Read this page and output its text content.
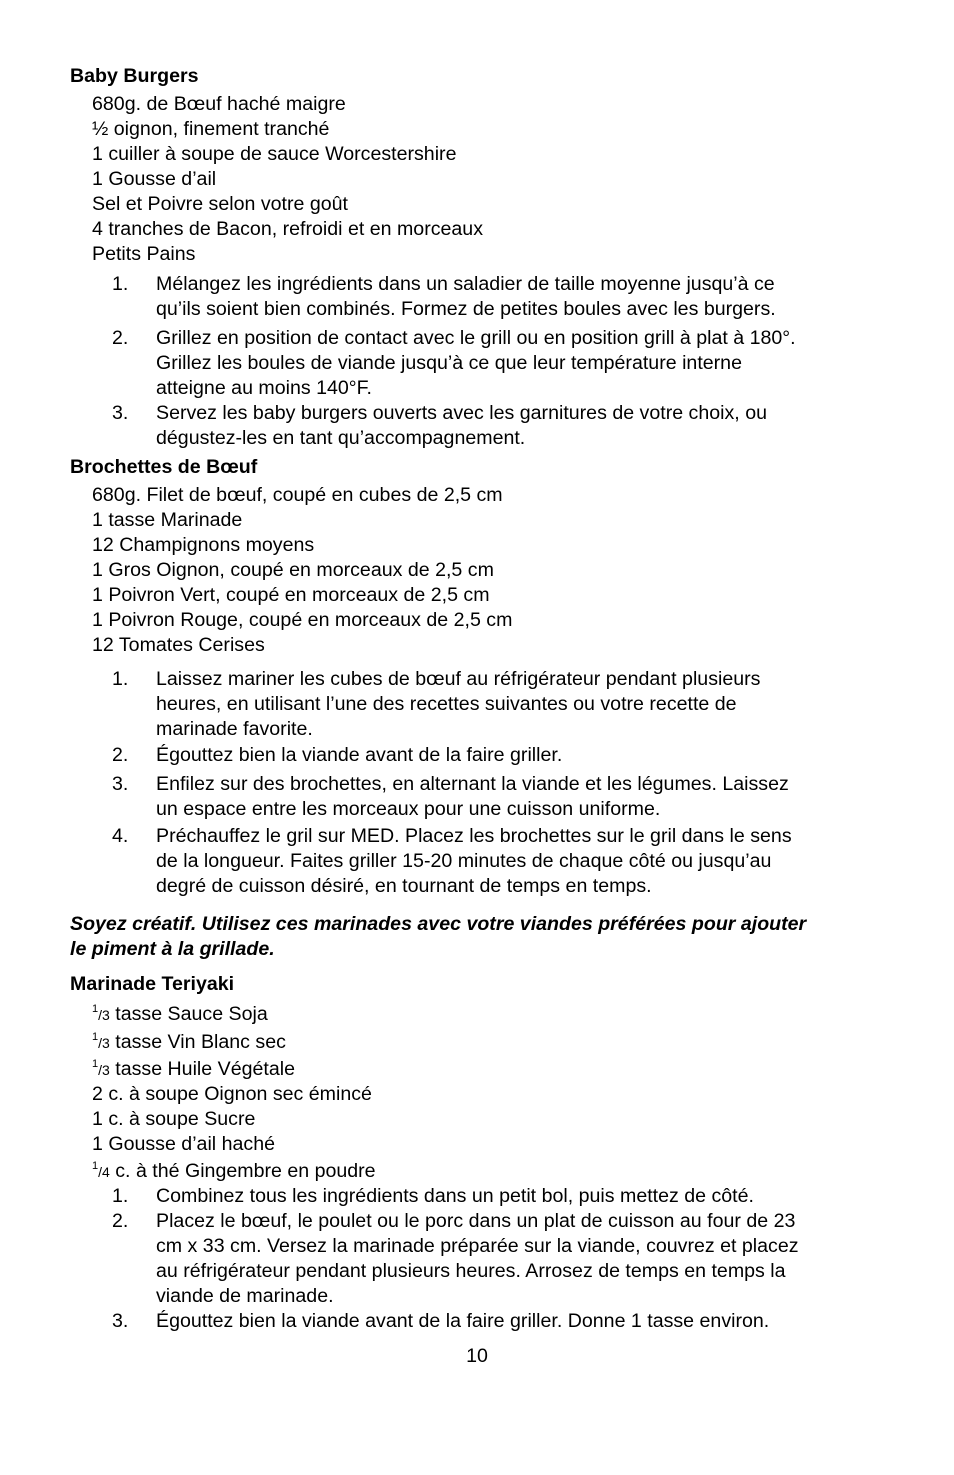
Baby Burgers
680g. de Bœuf haché maigre
½ oignon, finement tranché
1 cuiller à soupe de sauce Worcestershire
1 Gousse d’ail
Sel et Poivre selon votre goût
4 tranches de Bacon, refroidi et en morceaux
Petits Pains
1.	Mélangez les ingrédients dans un saladier de taille moyenne jusqu’à ce
qu’ils soient bien combinés. Formez de petites boules avec les burgers.
2.	Grillez en position de contact avec le grill ou en position grill à plat à 180°.
Grillez les boules de viande jusqu’à ce que leur température interne
atteigne au moins 140°F.
3.	Servez les baby burgers ouverts avec les garnitures de votre choix, ou
dégustez-les en tant qu’accompagnement.
Brochettes de Bœuf
680g. Filet de bœuf, coupé en cubes de 2,5 cm
1 tasse Marinade
12 Champignons moyens
1 Gros Oignon, coupé en morceaux de 2,5 cm
1 Poivron Vert, coupé en morceaux de 2,5 cm
1 Poivron Rouge, coupé en morceaux de 2,5 cm
12 Tomates Cerises
1.	Laissez mariner les cubes de bœuf au réfrigérateur pendant plusieurs
heures, en utilisant l’une des recettes suivantes ou votre recette de
marinade favorite.
2.	Égouttez bien la viande avant de la faire griller.
3.	Enfilez sur des brochettes, en alternant la viande et les légumes. Laissez
un espace entre les morceaux pour une cuisson uniforme.
4.	Préchauffez le gril sur MED. Placez les brochettes sur le gril dans le sens
de la longueur. Faites griller 15-20 minutes de chaque côté ou jusqu’au
degré de cuisson désiré, en tournant de temps en temps.
Soyez créatif. Utilisez ces marinades avec votre viandes préférées pour ajouter
le piment à la grillade.
Marinade Teriyaki
$^1$/3 tasse Sauce Soja
$^1$/3 tasse Vin Blanc sec
$^1$/3 tasse Huile Végétale
2 c. à soupe Oignon sec émincé
1 c. à soupe Sucre
1 Gousse d’ail haché
$^1$/4 c. à thé Gingembre en poudre
1.	Combinez tous les ingrédients dans un petit bol, puis mettez de côté.
2.	Placez le bœuf, le poulet ou le porc dans un plat de cuisson au four de 23
cm x 33 cm. Versez la marinade préparée sur la viande, couvrez et placez
au réfrigérateur pendant plusieurs heures. Arrosez de temps en temps la
viande de marinade.
3.	Égouttez bien la viande avant de la faire griller. Donne 1 tasse environ.
10
